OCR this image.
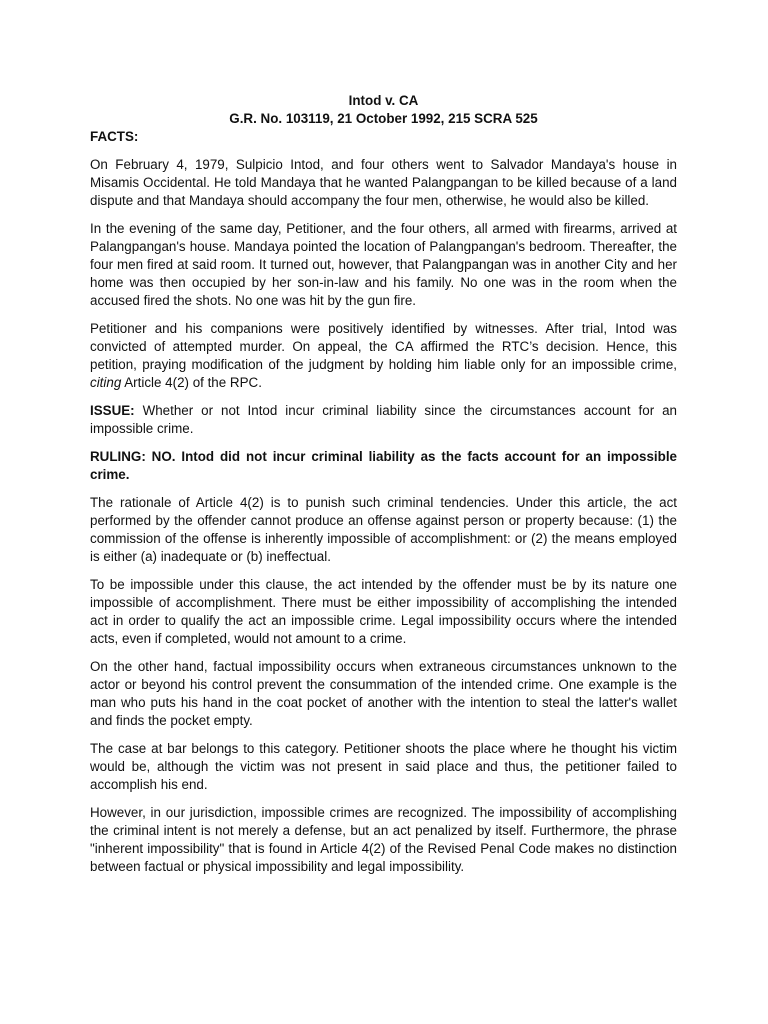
Intod v. CA
G.R. No. 103119, 21 October 1992, 215 SCRA 525
FACTS:

On February 4, 1979, Sulpicio Intod, and four others went to Salvador Mandaya's house in Misamis Occidental. He told Mandaya that he wanted Palangpangan to be killed because of a land dispute and that Mandaya should accompany the four men, otherwise, he would also be killed.

In the evening of the same day, Petitioner, and the four others, all armed with firearms, arrived at Palangpangan's house. Mandaya pointed the location of Palangpangan's bedroom. Thereafter, the four men fired at said room. It turned out, however, that Palangpangan was in another City and her home was then occupied by her son-in-law and his family. No one was in the room when the accused fired the shots. No one was hit by the gun fire.

Petitioner and his companions were positively identified by witnesses. After trial, Intod was convicted of attempted murder. On appeal, the CA affirmed the RTC’s decision. Hence, this petition, praying modification of the judgment by holding him liable only for an impossible crime, citing Article 4(2) of the RPC.

ISSUE: Whether or not Intod incur criminal liability since the circumstances account for an impossible crime.

RULING: NO. Intod did not incur criminal liability as the facts account for an impossible crime.

The rationale of Article 4(2) is to punish such criminal tendencies. Under this article, the act performed by the offender cannot produce an offense against person or property because: (1) the commission of the offense is inherently impossible of accomplishment: or (2) the means employed is either (a) inadequate or (b) ineffectual.

To be impossible under this clause, the act intended by the offender must be by its nature one impossible of accomplishment. There must be either impossibility of accomplishing the intended act in order to qualify the act an impossible crime. Legal impossibility occurs where the intended acts, even if completed, would not amount to a crime.

On the other hand, factual impossibility occurs when extraneous circumstances unknown to the actor or beyond his control prevent the consummation of the intended crime. One example is the man who puts his hand in the coat pocket of another with the intention to steal the latter's wallet and finds the pocket empty.

The case at bar belongs to this category. Petitioner shoots the place where he thought his victim would be, although the victim was not present in said place and thus, the petitioner failed to accomplish his end.

However, in our jurisdiction, impossible crimes are recognized. The impossibility of accomplishing the criminal intent is not merely a defense, but an act penalized by itself. Furthermore, the phrase "inherent impossibility" that is found in Article 4(2) of the Revised Penal Code makes no distinction between factual or physical impossibility and legal impossibility.
